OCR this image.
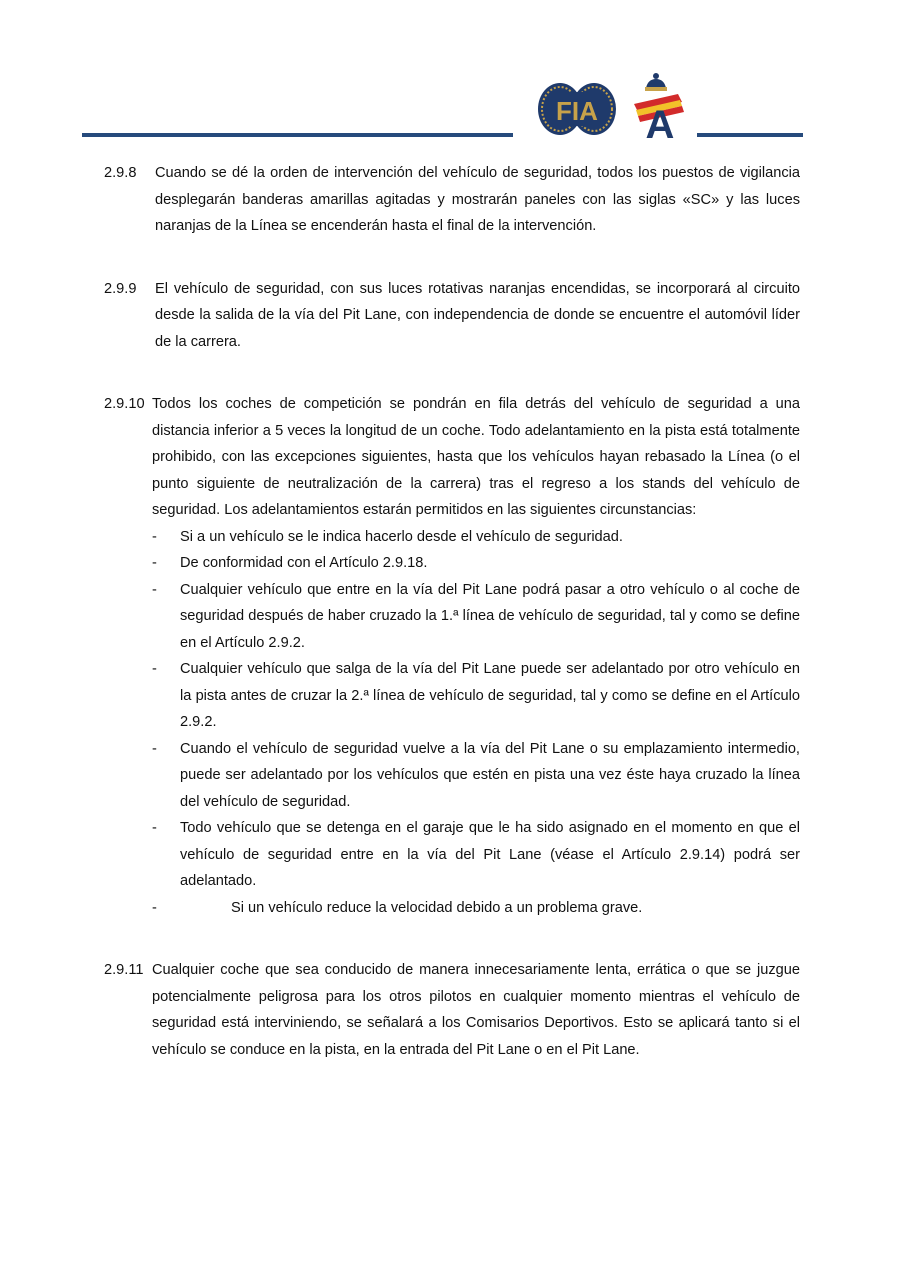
FIA A
2.9.8 Cuando se dé la orden de intervención del vehículo de seguridad, todos los puestos de vigilancia desplegarán banderas amarillas agitadas y mostrarán paneles con las siglas «SC» y las luces naranjas de la Línea se encenderán hasta el final de la intervención.
2.9.9 El vehículo de seguridad, con sus luces rotativas naranjas encendidas, se incorporará al circuito desde la salida de la vía del Pit Lane, con independencia de donde se encuentre el automóvil líder de la carrera.
2.9.10 Todos los coches de competición se pondrán en fila detrás del vehículo de seguridad a una distancia inferior a 5 veces la longitud de un coche. Todo adelantamiento en la pista está totalmente prohibido, con las excepciones siguientes, hasta que los vehículos hayan rebasado la Línea (o el punto siguiente de neutralización de la carrera) tras el regreso a los stands del vehículo de seguridad. Los adelantamientos estarán permitidos en las siguientes circunstancias:
- Si a un vehículo se le indica hacerlo desde el vehículo de seguridad.
- De conformidad con el Artículo 2.9.18.
- Cualquier vehículo que entre en la vía del Pit Lane podrá pasar a otro vehículo o al coche de seguridad después de haber cruzado la 1.ª línea de vehículo de seguridad, tal y como se define en el Artículo 2.9.2.
- Cualquier vehículo que salga de la vía del Pit Lane puede ser adelantado por otro vehículo en la pista antes de cruzar la 2.ª línea de vehículo de seguridad, tal y como se define en el Artículo 2.9.2.
- Cuando el vehículo de seguridad vuelve a la vía del Pit Lane o su emplazamiento intermedio, puede ser adelantado por los vehículos que estén en pista una vez éste haya cruzado la línea del vehículo de seguridad.
- Todo vehículo que se detenga en el garaje que le ha sido asignado en el momento en que el vehículo de seguridad entre en la vía del Pit Lane (véase el Artículo 2.9.14) podrá ser adelantado.
-	Si un vehículo reduce la velocidad debido a un problema grave.
2.9.11 Cualquier coche que sea conducido de manera innecesariamente lenta, errática o que se juzgue potencialmente peligrosa para los otros pilotos en cualquier momento mientras el vehículo de seguridad está interviniendo, se señalará a los Comisarios Deportivos. Esto se aplicará tanto si el vehículo se conduce en la pista, en la entrada del Pit Lane o en el Pit Lane.
